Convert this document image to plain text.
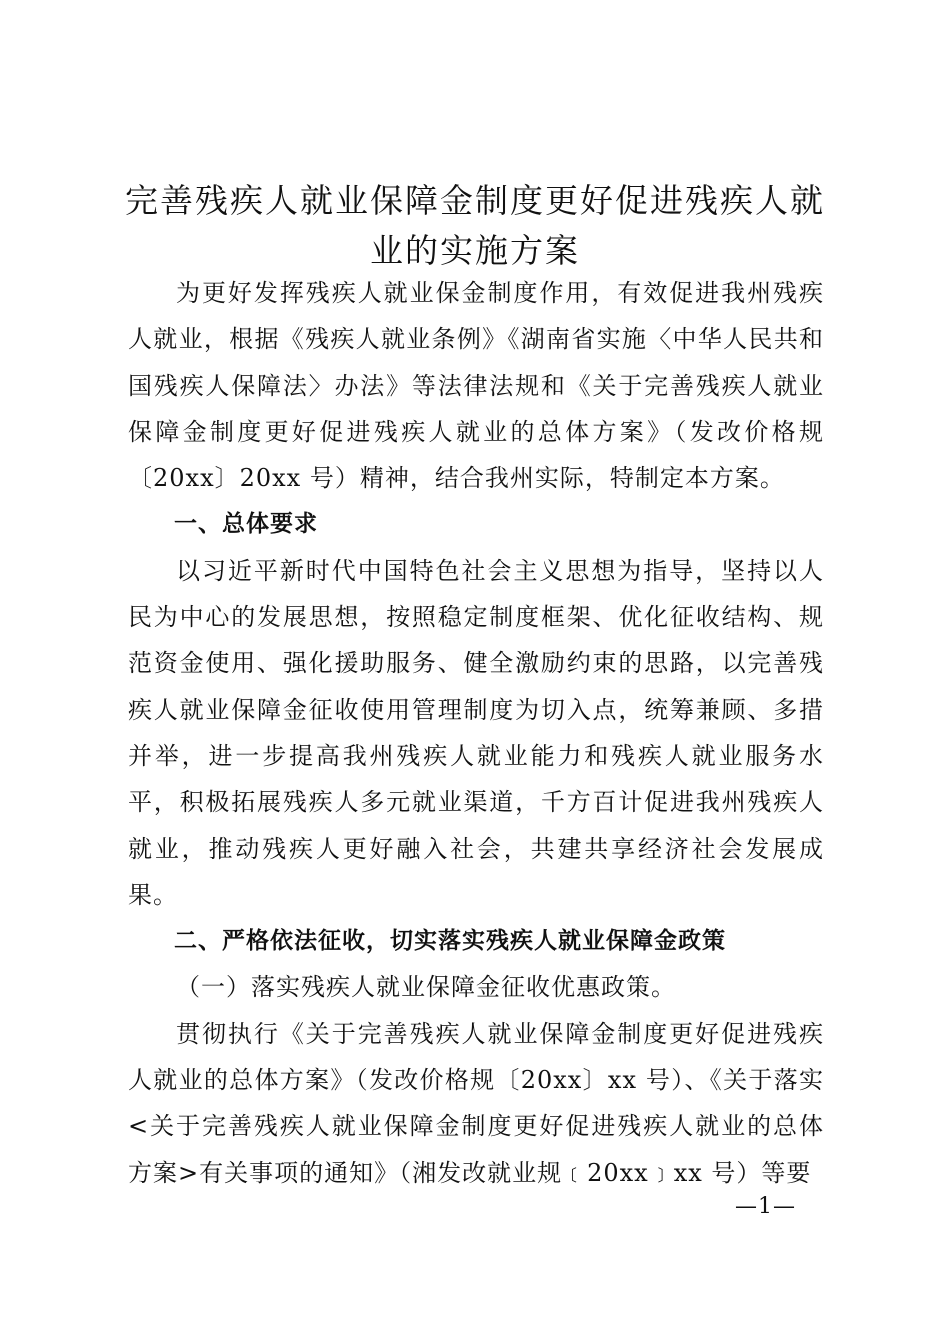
完善残疾人就业保障金制度更好促进残疾人就业的实施方案

为更好发挥残疾人就业保金制度作用，有效促进我州残疾人就业，根据《残疾人就业条例》《湖南省实施〈中华人民共和国残疾人保障法〉办法》等法律法规和《关于完善残疾人就业保障金制度更好促进残疾人就业的总体方案》（发改价格规〔20xx〕20xx 号）精神，结合我州实际，特制定本方案。

一、总体要求

以习近平新时代中国特色社会主义思想为指导，坚持以人民为中心的发展思想，按照稳定制度框架、优化征收结构、规范资金使用、强化援助服务、健全激励约束的思路，以完善残疾人就业保障金征收使用管理制度为切入点，统筹兼顾、多措并举，进一步提高我州残疾人就业能力和残疾人就业服务水平，积极拓展残疾人多元就业渠道，千方百计促进我州残疾人就业，推动残疾人更好融入社会，共建共享经济社会发展成果。

二、严格依法征收，切实落实残疾人就业保障金政策

（一）落实残疾人就业保障金征收优惠政策。

贯彻执行《关于完善残疾人就业保障金制度更好促进残疾人就业的总体方案》（发改价格规〔20xx〕xx 号）、《关于落实<关于完善残疾人就业保障金制度更好促进残疾人就业的总体方案>有关事项的通知》（湘发改就业规﹝20xx﹞xx 号）等要

—1—
